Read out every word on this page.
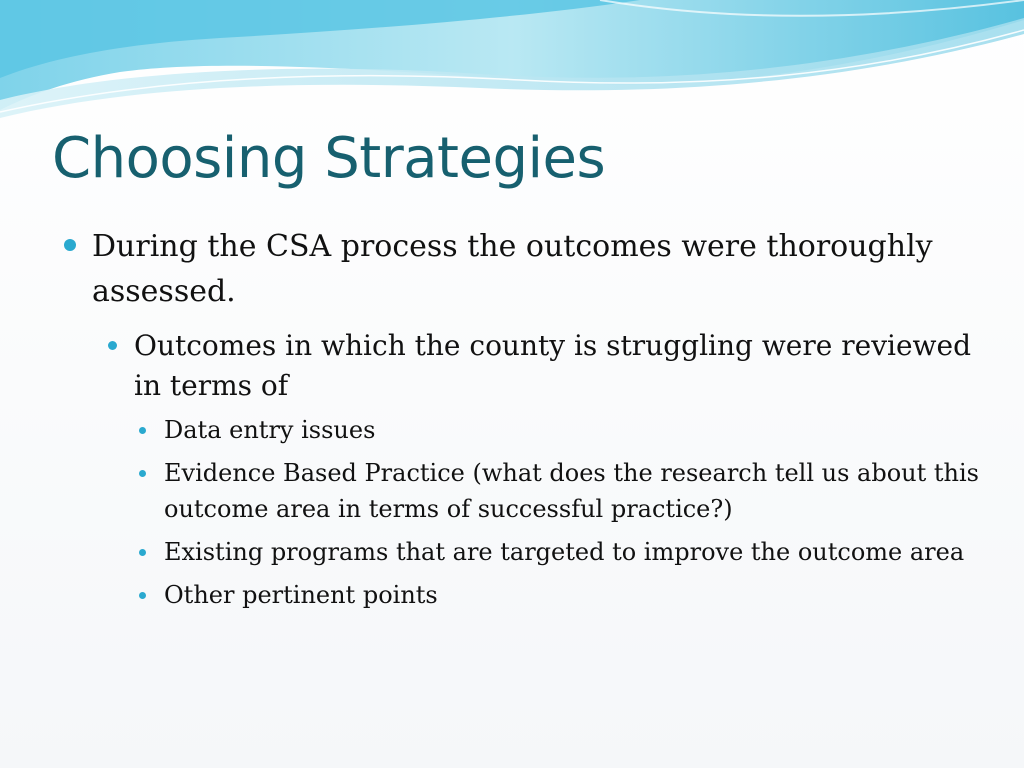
Choosing Strategies
During the CSA process the outcomes were thoroughly assessed.
Outcomes in which the county is struggling were reviewed in terms of
Data entry issues
Evidence Based Practice (what does the research tell us about this outcome area in terms of successful practice?)
Existing programs that are targeted to improve the outcome area
Other pertinent points
